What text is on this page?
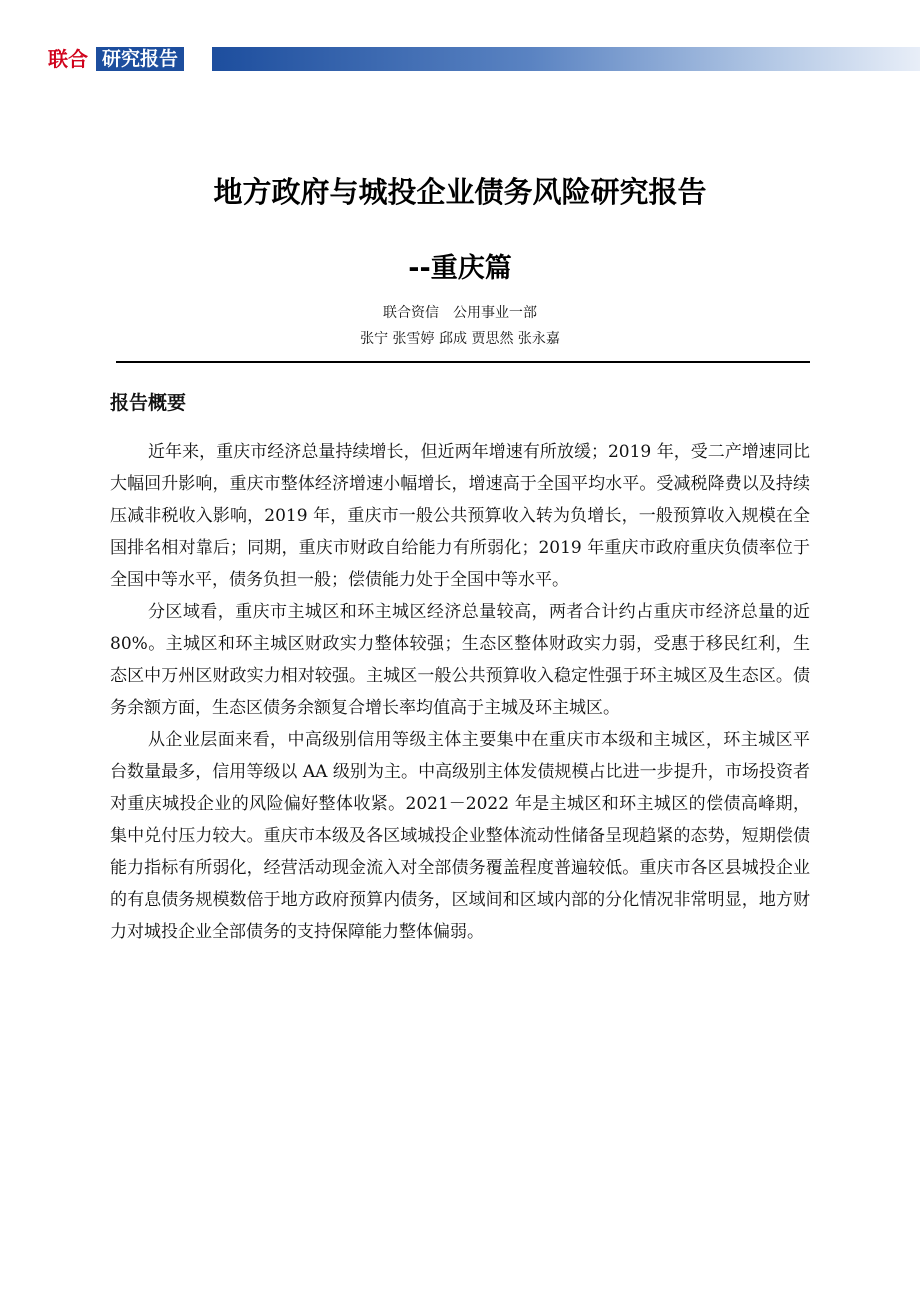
联合 研究报告
地方政府与城投企业债务风险研究报告
--重庆篇
联合资信　公用事业一部
张宁 张雪婷 邱成 贾思然 张永嘉
报告概要

近年来，重庆市经济总量持续增长，但近两年增速有所放缓；2019 年，受二产增速同比大幅回升影响，重庆市整体经济增速小幅增长，增速高于全国平均水平。受减税降费以及持续压减非税收入影响，2019 年，重庆市一般公共预算收入转为负增长，一般预算收入规模在全国排名相对靠后；同期，重庆市财政自给能力有所弱化；2019 年重庆市政府重庆负债率位于全国中等水平，债务负担一般；偿债能力处于全国中等水平。

分区域看，重庆市主城区和环主城区经济总量较高，两者合计约占重庆市经济总量的近 80%。主城区和环主城区财政实力整体较强；生态区整体财政实力弱，受惠于移民红利，生态区中万州区财政实力相对较强。主城区一般公共预算收入稳定性强于环主城区及生态区。债务余额方面，生态区债务余额复合增长率均值高于主城及环主城区。

从企业层面来看，中高级别信用等级主体主要集中在重庆市本级和主城区，环主城区平台数量最多，信用等级以 AA 级别为主。中高级别主体发债规模占比进一步提升，市场投资者对重庆城投企业的风险偏好整体收紧。2021－2022 年是主城区和环主城区的偿债高峰期，集中兑付压力较大。重庆市本级及各区域城投企业整体流动性储备呈现趋紧的态势，短期偿债能力指标有所弱化，经营活动现金流入对全部债务覆盖程度普遍较低。重庆市各区县城投企业的有息债务规模数倍于地方政府预算内债务，区域间和区域内部的分化情况非常明显，地方财力对城投企业全部债务的支持保障能力整体偏弱。
